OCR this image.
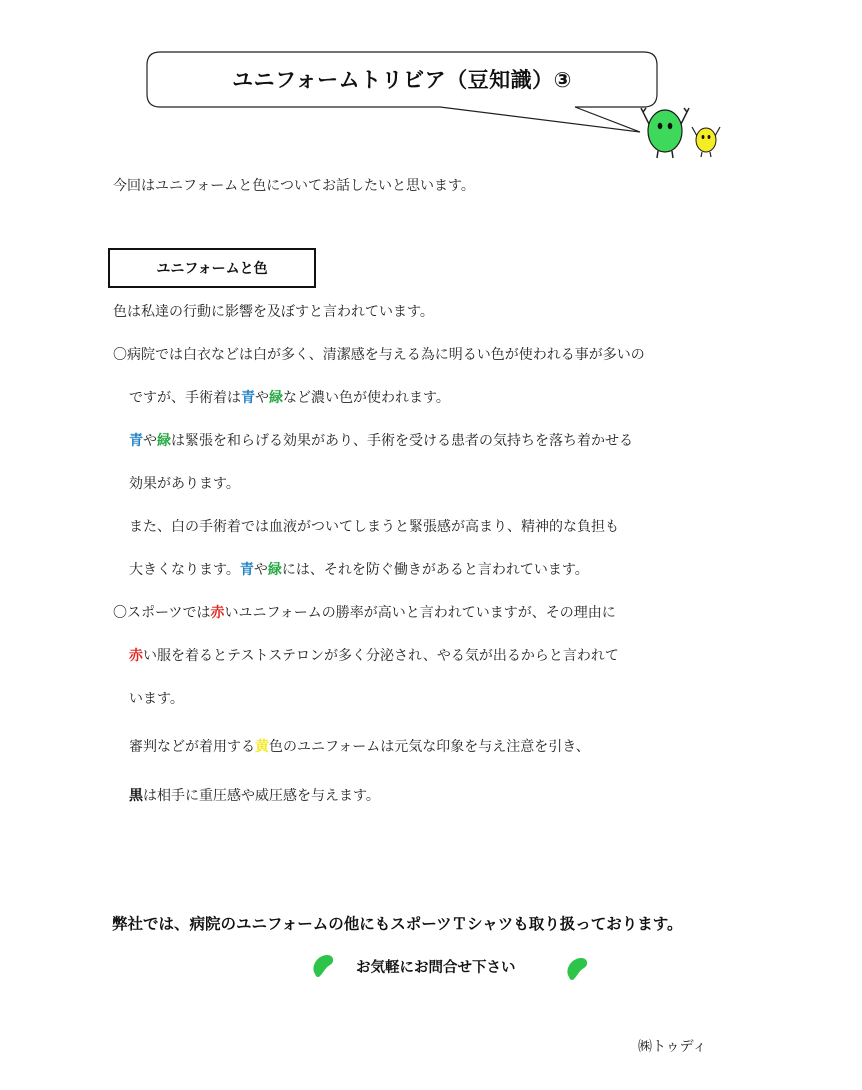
ユニフォームトリビア（豆知識）③
今回はユニフォームと色についてお話したいと思います。
ユニフォームと色
色は私達の行動に影響を及ぼすと言われています。
〇病院では白衣などは白が多く、清潔感を与える為に明るい色が使われる事が多いの
ですが、手術着は青や緑など濃い色が使われます。
青や緑は緊張を和らげる効果があり、手術を受ける患者の気持ちを落ち着かせる
効果があります。
また、白の手術着では血液がついてしまうと緊張感が高まり、精神的な負担も
大きくなります。青や緑には、それを防ぐ働きがあると言われています。
〇スポーツでは赤いユニフォームの勝率が高いと言われていますが、その理由に
赤い服を着るとテストステロンが多く分泌され、やる気が出るからと言われて
います。
審判などが着用する黄色のユニフォームは元気な印象を与え注意を引き、
黒は相手に重圧感や威圧感を与えます。
弊社では、病院のユニフォームの他にもスポーツＴシャツも取り扱っております。
お気軽にお問合せ下さい
㈱トゥディ
